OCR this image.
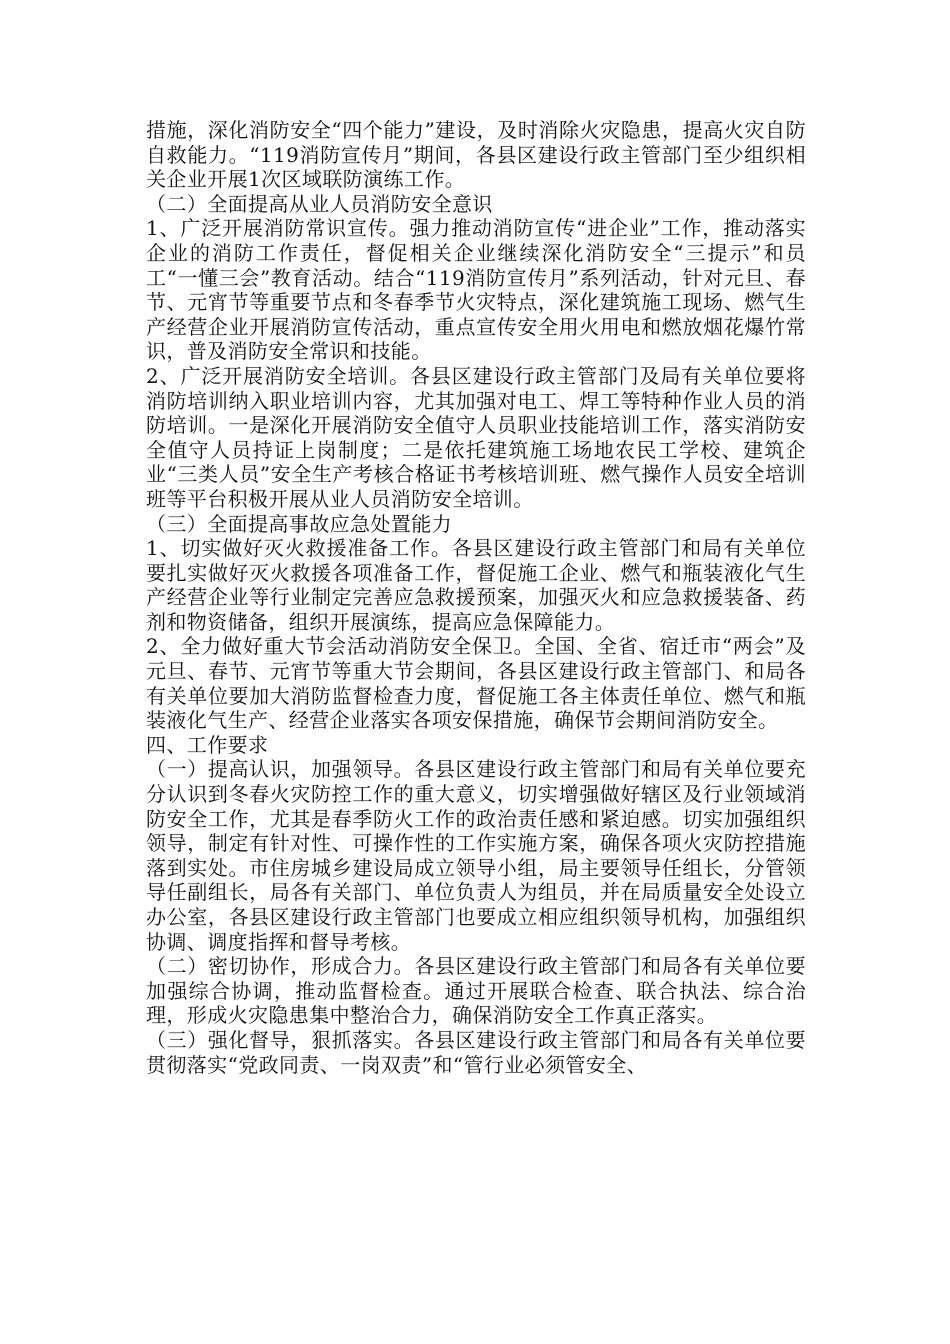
措施，深化消防安全“四个能力”建设，及时消除火灾隐患，提高火灾自防自救能力。“119消防宣传月”期间，各县区建设行政主管部门至少组织相关企业开展1次区域联防演练工作。

（二）全面提高从业人员消防安全意识

1、广泛开展消防常识宣传。强力推动消防宣传“进企业”工作，推动落实企业的消防工作责任，督促相关企业继续深化消防安全“三提示”和员工“一懂三会”教育活动。结合“119消防宣传月”系列活动，针对元旦、春节、元宵节等重要节点和冬春季节火灾特点，深化建筑施工现场、燃气生产经营企业开展消防宣传活动，重点宣传安全用火用电和燃放烟花爆竹常识，普及消防安全常识和技能。

2、广泛开展消防安全培训。各县区建设行政主管部门及局有关单位要将消防培训纳入职业培训内容，尤其加强对电工、焊工等特种作业人员的消防培训。一是深化开展消防安全值守人员职业技能培训工作，落实消防安全值守人员持证上岗制度；二是依托建筑施工场地农民工学校、建筑企业“三类人员”安全生产考核合格证书考核培训班、燃气操作人员安全培训班等平台积极开展从业人员消防安全培训。

（三）全面提高事故应急处置能力

1、切实做好灭火救援准备工作。各县区建设行政主管部门和局有关单位要扎实做好灭火救援各项准备工作，督促施工企业、燃气和瓶装液化气生产经营企业等行业制定完善应急救援预案，加强灭火和应急救援装备、药剂和物资储备，组织开展演练，提高应急保障能力。

2、全力做好重大节会活动消防安全保卫。全国、全省、宿迁市“两会”及元旦、春节、元宵节等重大节会期间，各县区建设行政主管部门、和局各有关单位要加大消防监督检查力度，督促施工各主体责任单位、燃气和瓶装液化气生产、经营企业落实各项安保措施，确保节会期间消防安全。

四、工作要求

（一）提高认识，加强领导。各县区建设行政主管部门和局有关单位要充分认识到冬春火灾防控工作的重大意义，切实增强做好辖区及行业领域消防安全工作，尤其是春季防火工作的政治责任感和紧迫感。切实加强组织领导，制定有针对性、可操作性的工作实施方案，确保各项火灾防控措施落到实处。市住房城乡建设局成立领导小组，局主要领导任组长，分管领导任副组长，局各有关部门、单位负责人为组员，并在局质量安全处设立办公室，各县区建设行政主管部门也要成立相应组织领导机构，加强组织协调、调度指挥和督导考核。

（二）密切协作，形成合力。各县区建设行政主管部门和局各有关单位要加强综合协调，推动监督检查。通过开展联合检查、联合执法、综合治理，形成火灾隐患集中整治合力，确保消防安全工作真正落实。

（三）强化督导，狠抓落实。各县区建设行政主管部门和局各有关单位要贯彻落实“党政同责、一岗双责”和“管行业必须管安全、
